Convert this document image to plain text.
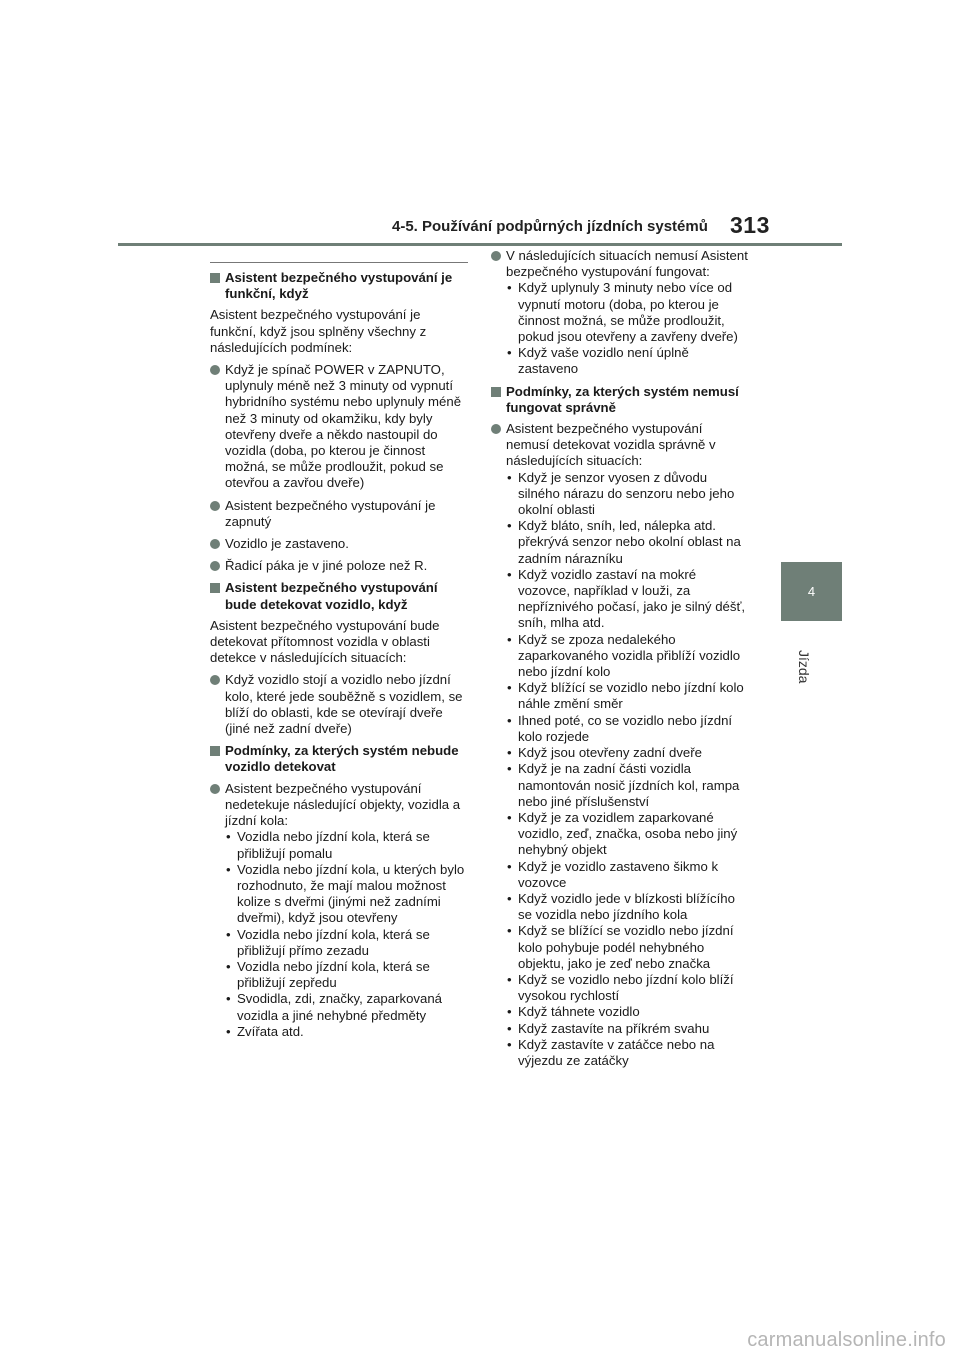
4-5. Používání podpůrných jízdních systémů 313
4
Jízda
Asistent bezpečného vystupování je funkční, když
Asistent bezpečného vystupování je funkční, když jsou splněny všechny z následujících podmínek:
Když je spínač POWER v ZAPNUTO, uplynuly méně než 3 minuty od vypnutí hybridního systému nebo uplynuly méně než 3 minuty od okamžiku, kdy byly otevřeny dveře a někdo nastoupil do vozidla (doba, po kterou je činnost možná, se může prodloužit, pokud se otevřou a zavřou dveře)
Asistent bezpečného vystupování je zapnutý
Vozidlo je zastaveno.
Řadicí páka je v jiné poloze než R.
Asistent bezpečného vystupování bude detekovat vozidlo, když
Asistent bezpečného vystupování bude detekovat přítomnost vozidla v oblasti detekce v následujících situacích:
Když vozidlo stojí a vozidlo nebo jízdní kolo, které jede souběžně s vozidlem, se blíží do oblasti, kde se otevírají dveře (jiné než zadní dveře)
Podmínky, za kterých systém nebude vozidlo detekovat
Asistent bezpečného vystupování nedetekuje následující objekty, vozidla a jízdní kola:
• Vozidla nebo jízdní kola, která se přibližují pomalu
• Vozidla nebo jízdní kola, u kterých bylo rozhodnuto, že mají malou možnost kolize s dveřmi (jinými než zadními dveřmi), když jsou otevřeny
• Vozidla nebo jízdní kola, která se přibližují přímo zezadu
• Vozidla nebo jízdní kola, která se přibližují zepředu
• Svodidla, zdi, značky, zaparkovaná vozidla a jiné nehybné předměty
• Zvířata atd.
V následujících situacích nemusí Asistent bezpečného vystupování fungovat:
• Když uplynuly 3 minuty nebo více od vypnutí motoru (doba, po kterou je činnost možná, se může prodloužit, pokud jsou otevřeny a zavřeny dveře)
• Když vaše vozidlo není úplně zastaveno
Podmínky, za kterých systém nemusí fungovat správně
Asistent bezpečného vystupování nemusí detekovat vozidla správně v následujících situacích:
• Když je senzor vyosen z důvodu silného nárazu do senzoru nebo jeho okolní oblasti
• Když bláto, sníh, led, nálepka atd. překrývá senzor nebo okolní oblast na zadním nárazníku
• Když vozidlo zastaví na mokré vozovce, například v louži, za nepříznivého počasí, jako je silný déšť, sníh, mlha atd.
• Když se zpoza nedalekého zaparkovaného vozidla přiblíží vozidlo nebo jízdní kolo
• Když blížící se vozidlo nebo jízdní kolo náhle změní směr
• Ihned poté, co se vozidlo nebo jízdní kolo rozjede
• Když jsou otevřeny zadní dveře
• Když je na zadní části vozidla namontován nosič jízdních kol, rampa nebo jiné příslušenství
• Když je za vozidlem zaparkované vozidlo, zeď, značka, osoba nebo jiný nehybný objekt
• Když je vozidlo zastaveno šikmo k vozovce
• Když vozidlo jede v blízkosti blížícího se vozidla nebo jízdního kola
• Když se blížící se vozidlo nebo jízdní kolo pohybuje podél nehybného objektu, jako je zeď nebo značka
• Když se vozidlo nebo jízdní kolo blíží vysokou rychlostí
• Když táhnete vozidlo
• Když zastavíte na příkrém svahu
• Když zastavíte v zatáčce nebo na výjezdu ze zatáčky
carmanualsonline.info
